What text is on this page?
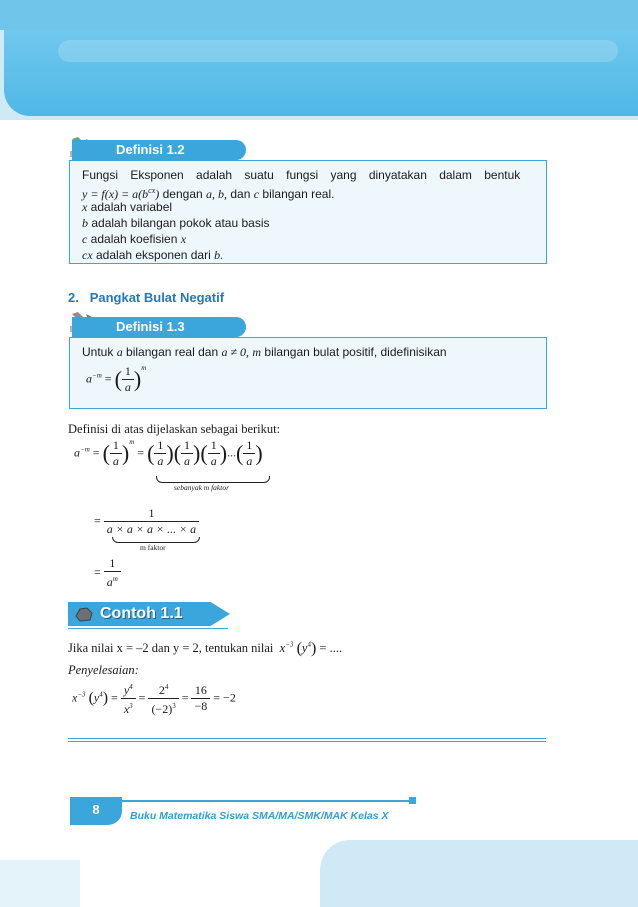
Definisi 1.2
Fungsi Eksponen adalah suatu fungsi yang dinyatakan dalam bentuk
$y = f(x) = a(b^{cx})$ dengan a, b, dan c bilangan real.
x adalah variabel
b adalah bilangan pokok atau basis
c adalah koefisien x
cx adalah eksponen dari b.
2. Pangkat Bulat Negatif
Definisi 1.3
Untuk a bilangan real dan a ≠ 0, m bilangan bulat positif, didefinisikan
$a^{-m}$ = ( $\frac{1}{a} )^m$
Definisi di atas dijelaskan sebagai berikut:
$a^{-m}$ = ( $\frac{1}{a} )^m$ = ( $\frac{1}{a}$ )( $\frac{1}{a}$ )( $\frac{1}{a}$ )...( $\frac{1}{a}$ )
sebanyak m faktor
= $\frac{1}{a \times a \times a \times ... \times a}$
m faktor
= $\frac{1}{a^m}$
Contoh 1.1
Jika nilai x = –2 dan y = 2, tentukan nilai $x^{-3}$ $(y^4)$ = ....
Penyelesaian:
$x^{-3}$ $(y^4) = \frac{y^4}{x^3} = \frac{2^4}{(-2)^3} = \frac{16}{-8} = -2$
8	Buku Matematika Siswa SMA/MA/SMK/MAK Kelas X
